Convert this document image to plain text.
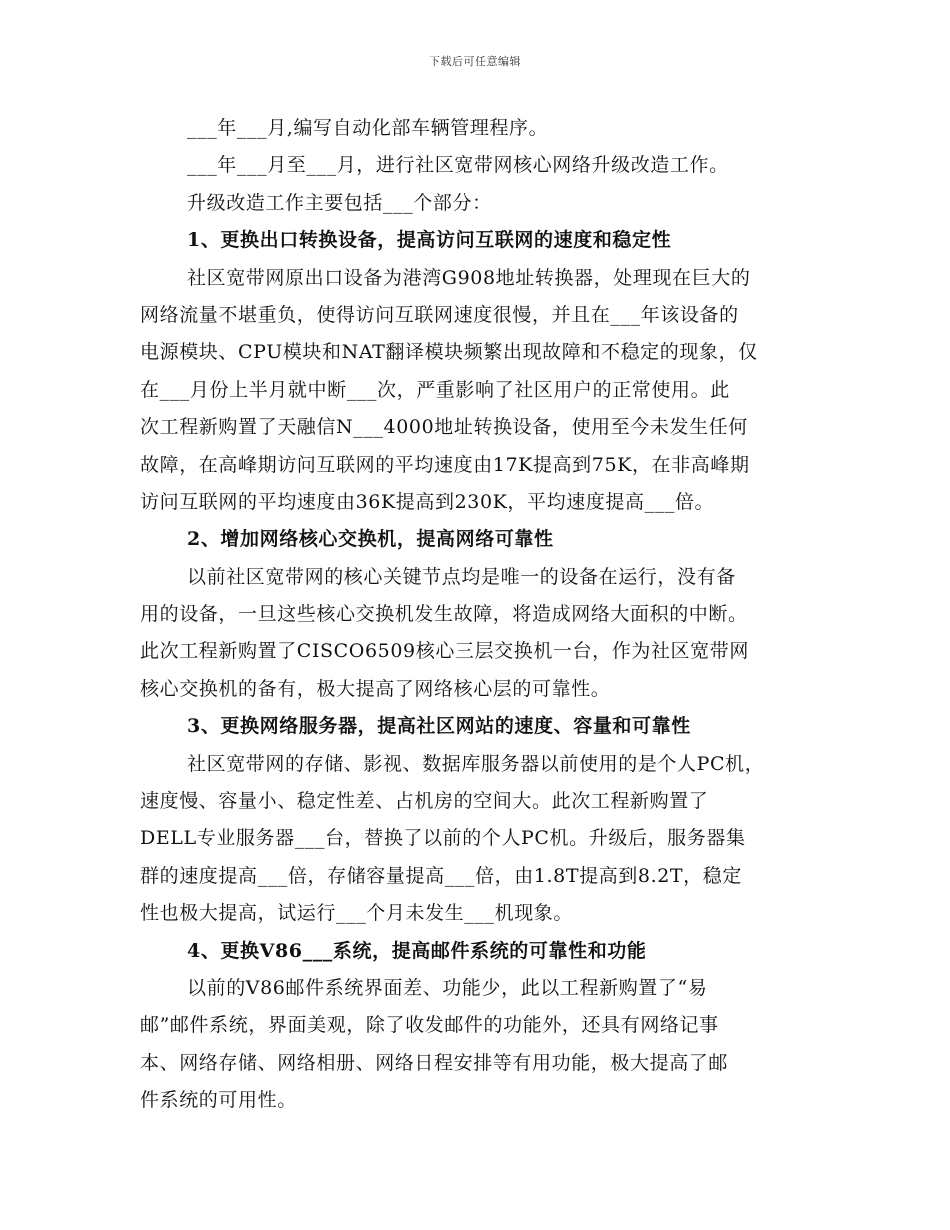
下载后可任意编辑
___年___月,编写自动化部车辆管理程序。
___年___月至___月，进行社区宽带网核心网络升级改造工作。
升级改造工作主要包括___个部分：
1、更换出口转换设备，提高访问互联网的速度和稳定性
社区宽带网原出口设备为港湾G908地址转换器，处理现在巨大的
网络流量不堪重负，使得访问互联网速度很慢，并且在___年该设备的
电源模块、CPU模块和NAT翻译模块频繁出现故障和不稳定的现象，仅
在___月份上半月就中断___次，严重影响了社区用户的正常使用。此
次工程新购置了天融信N___4000地址转换设备，使用至今未发生任何
故障，在高峰期访问互联网的平均速度由17K提高到75K，在非高峰期
访问互联网的平均速度由36K提高到230K，平均速度提高___倍。
2、增加网络核心交换机，提高网络可靠性
以前社区宽带网的核心关键节点均是唯一的设备在运行，没有备
用的设备，一旦这些核心交换机发生故障，将造成网络大面积的中断。
此次工程新购置了CISCO6509核心三层交换机一台，作为社区宽带网
核心交换机的备有，极大提高了网络核心层的可靠性。
3、更换网络服务器，提高社区网站的速度、容量和可靠性
社区宽带网的存储、影视、数据库服务器以前使用的是个人PC机，
速度慢、容量小、稳定性差、占机房的空间大。此次工程新购置了
DELL专业服务器___台，替换了以前的个人PC机。升级后，服务器集
群的速度提高___倍，存储容量提高___倍，由1.8T提高到8.2T，稳定
性也极大提高，试运行___个月未发生___机现象。
4、更换V86___系统，提高邮件系统的可靠性和功能
以前的V86邮件系统界面差、功能少，此以工程新购置了“易
邮”邮件系统，界面美观，除了收发邮件的功能外，还具有网络记事
本、网络存储、网络相册、网络日程安排等有用功能，极大提高了邮
件系统的可用性。
